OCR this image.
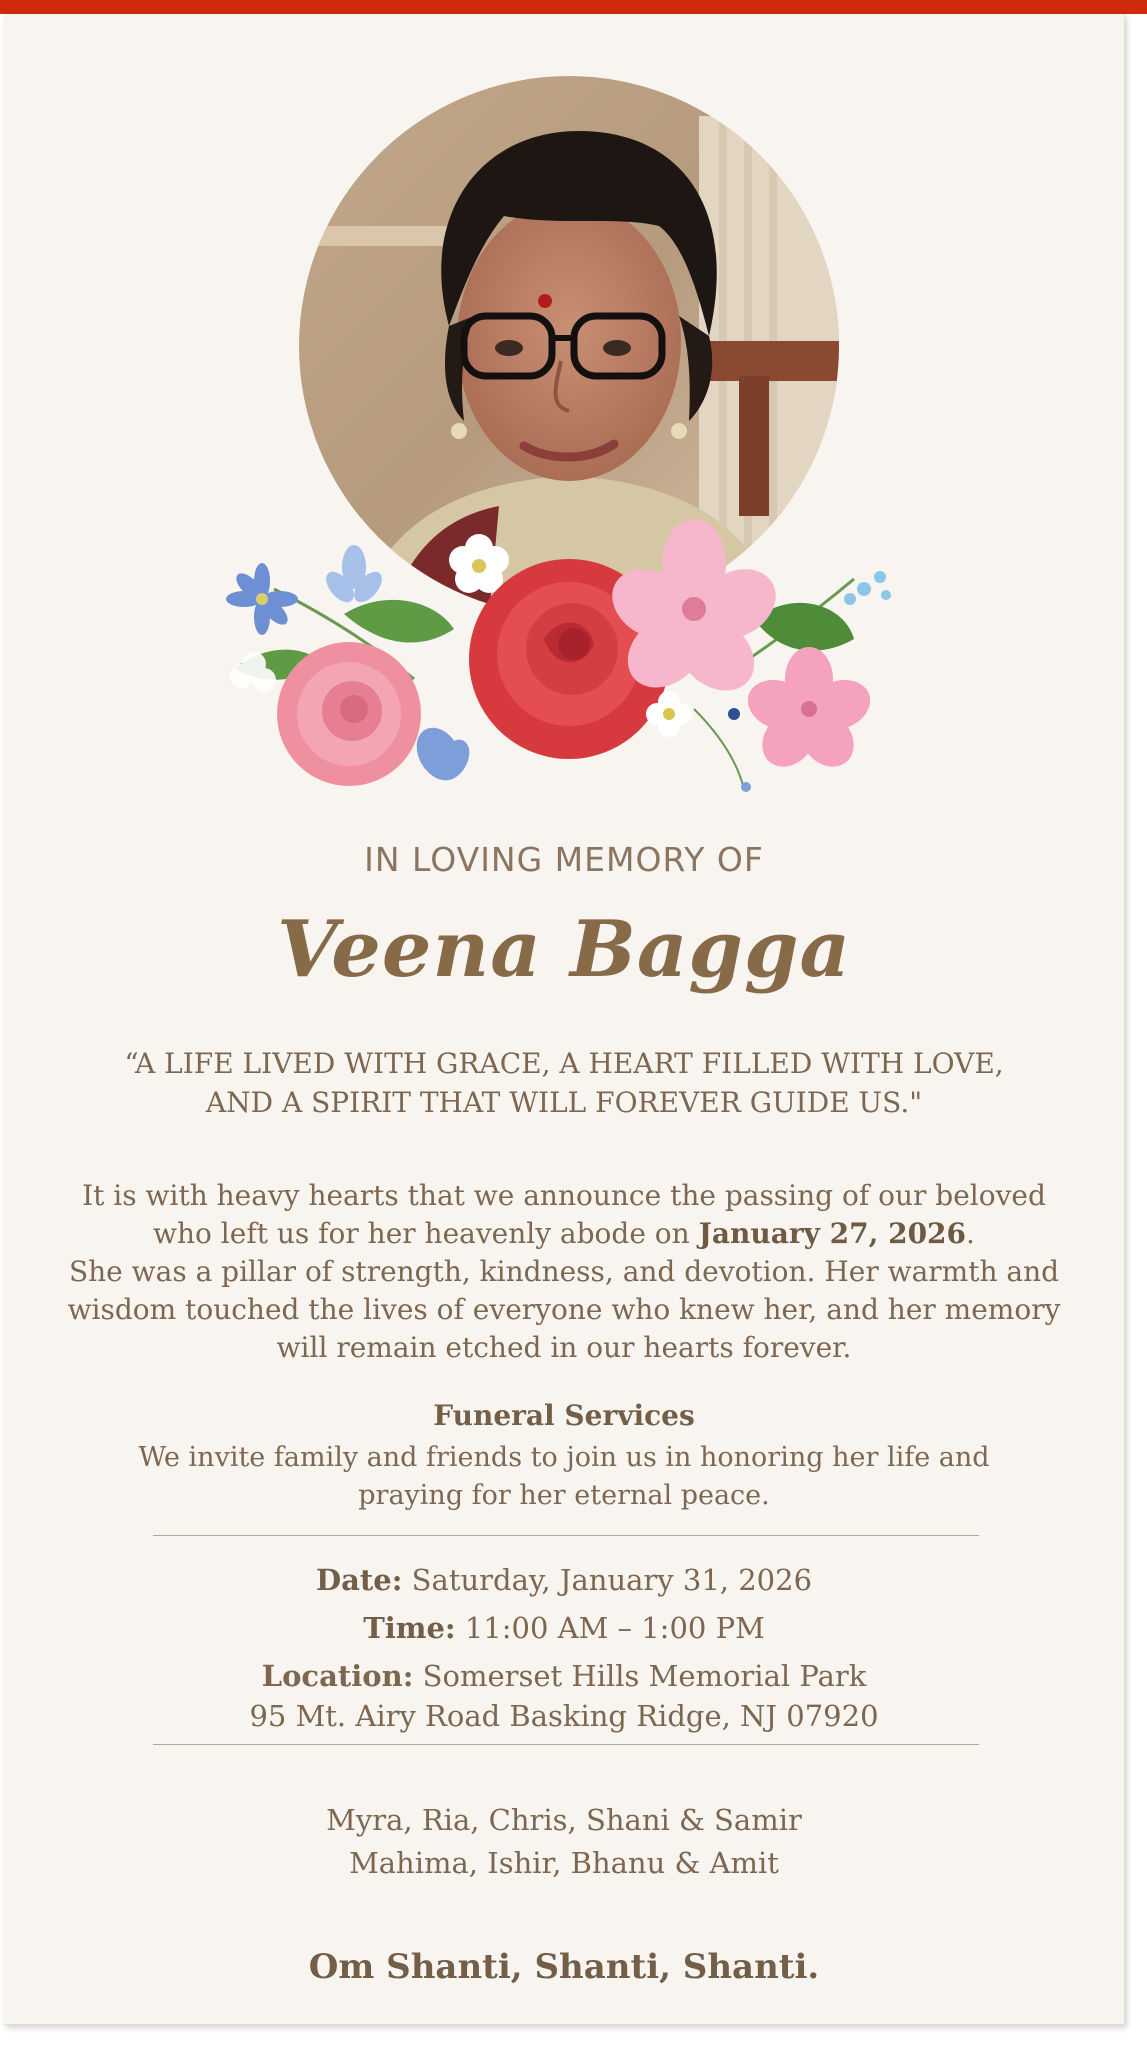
IN LOVING MEMORY OF
Veena Bagga
“A LIFE LIVED WITH GRACE, A HEART FILLED WITH LOVE,
AND A SPIRIT THAT WILL FOREVER GUIDE US."
It is with heavy hearts that we announce the passing of our beloved
who left us for her heavenly abode on January 27, 2026.
She was a pillar of strength, kindness, and devotion. Her warmth and
wisdom touched the lives of everyone who knew her, and her memory
will remain etched in our hearts forever.
Funeral Services
We invite family and friends to join us in honoring her life and
praying for her eternal peace.
Date: Saturday, January 31, 2026
Time: 11:00 AM – 1:00 PM
Location: Somerset Hills Memorial Park
95 Mt. Airy Road Basking Ridge, NJ 07920
Myra, Ria, Chris, Shani & Samir
Mahima, Ishir, Bhanu & Amit
Om Shanti, Shanti, Shanti.
